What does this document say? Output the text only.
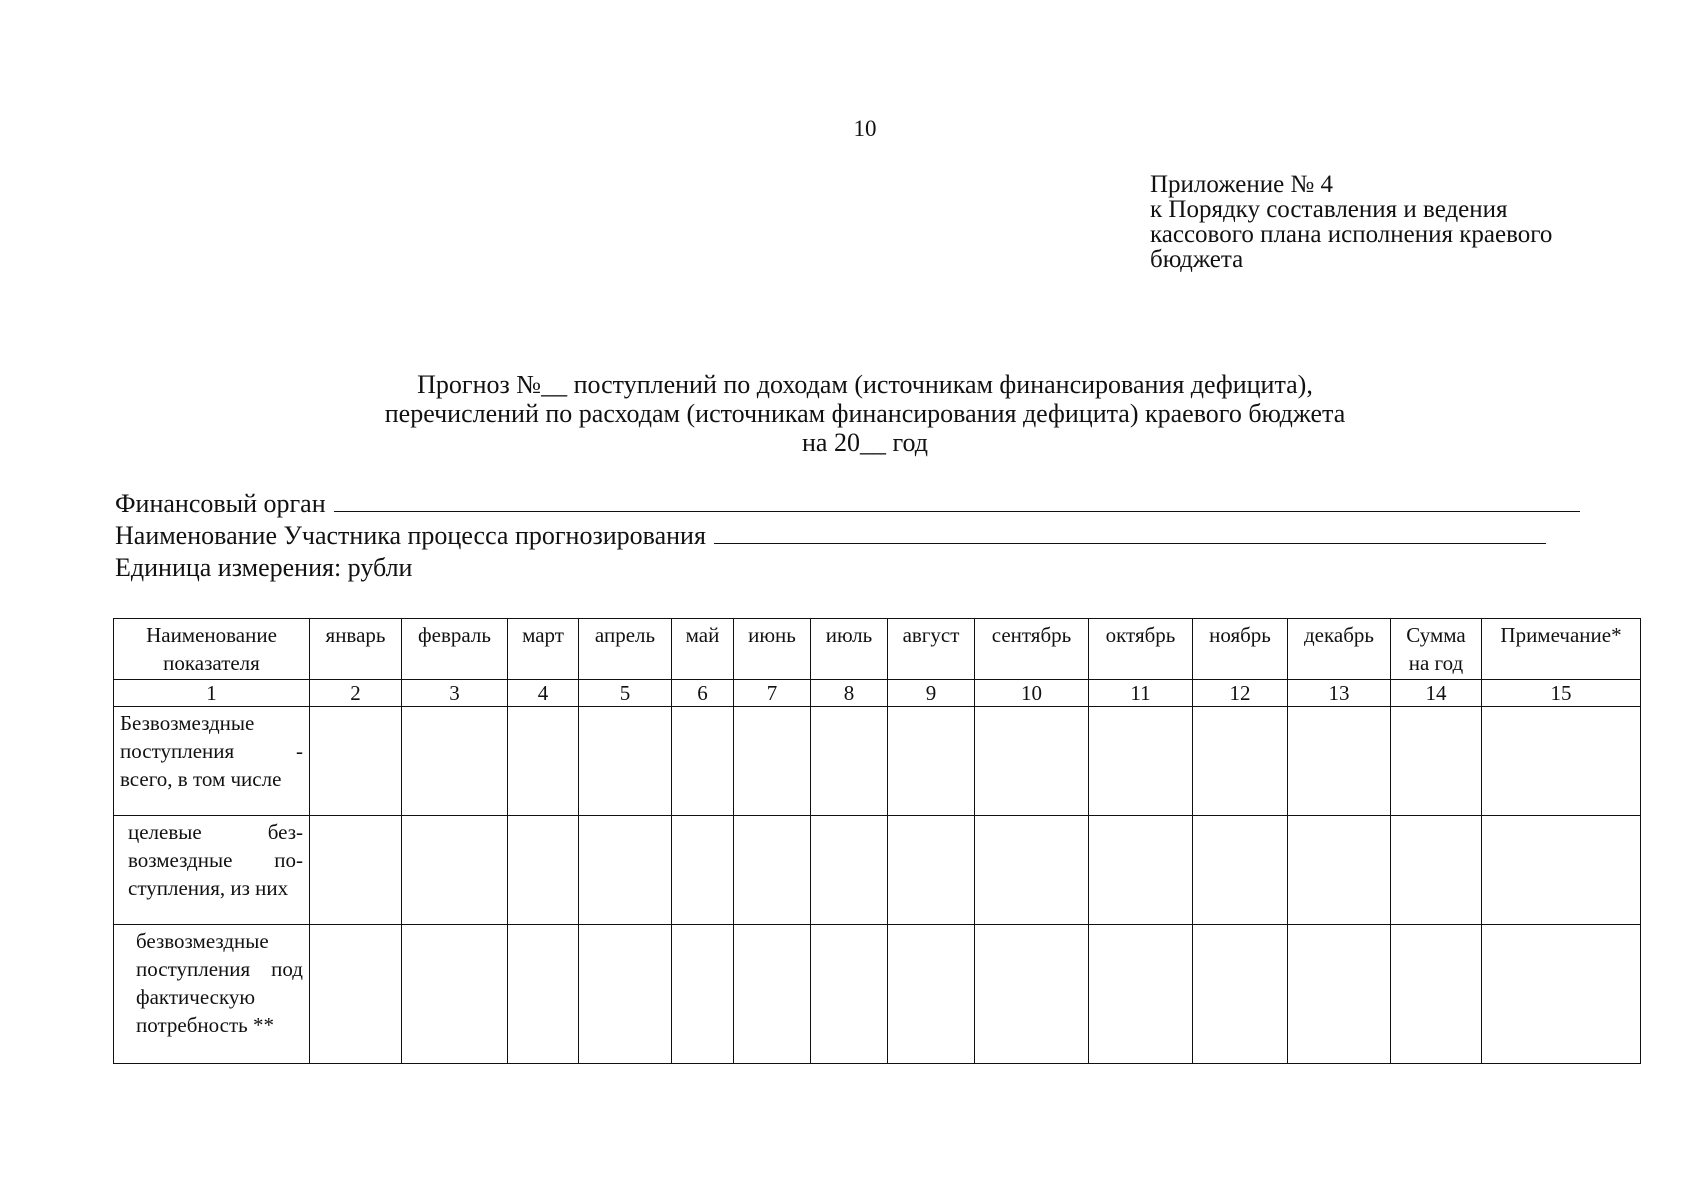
10
Приложение № 4
к Порядку составления и ведения
кассового плана исполнения краевого
бюджета
Прогноз №__ поступлений по доходам (источникам финансирования дефицита),
перечислений по расходам (источникам финансирования дефицита) краевого бюджета
на 20__ год
Финансовый орган
Наименование Участника процесса прогнозирования
Единица измерения: рубли
Наименование показателя	январь	февраль	март	апрель	май	июнь	июль	август	сентябрь	октябрь	ноябрь	декабрь	Сумма на год	Примечание*
1	2	3	4	5	6	7	8	9	10	11	12	13	14	15
Безвозмездные поступления - всего, в том числе														
целевые безвозмездные поступления, из них														
безвозмездные поступления под фактическую потребность **														
